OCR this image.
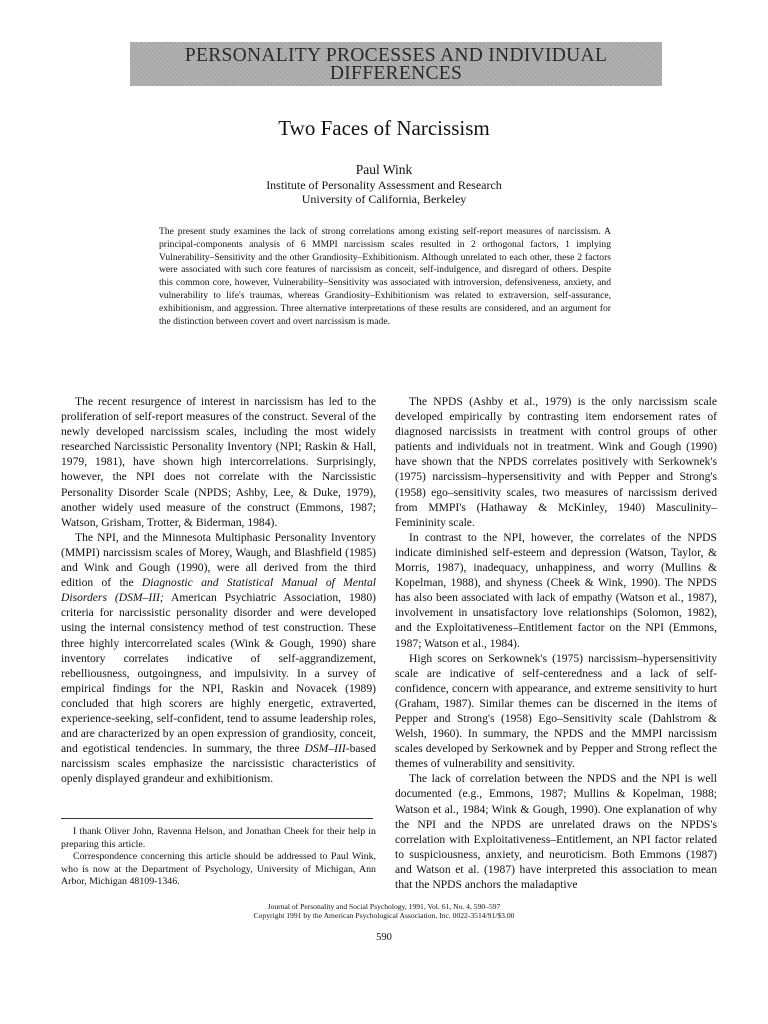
PERSONALITY PROCESSES AND INDIVIDUAL
DIFFERENCES
Two Faces of Narcissism
Paul Wink
Institute of Personality Assessment and Research
University of California, Berkeley
The present study examines the lack of strong correlations among existing self-report measures of narcissism. A principal-components analysis of 6 MMPI narcissism scales resulted in 2 orthogonal factors, 1 implying Vulnerability–Sensitivity and the other Grandiosity–Exhibitionism. Although unrelated to each other, these 2 factors were associated with such core features of narcissism as conceit, self-indulgence, and disregard of others. Despite this common core, however, Vulnerability–Sensitivity was associated with introversion, defensiveness, anxiety, and vulnerability to life's traumas, whereas Grandiosity–Exhibitionism was related to extraversion, self-assurance, exhibitionism, and aggression. Three alternative interpretations of these results are considered, and an argument for the distinction between covert and overt narcissism is made.

The recent resurgence of interest in narcissism has led to the proliferation of self-report measures of the construct. Several of the newly developed narcissism scales, including the most widely researched Narcissistic Personality Inventory (NPI; Raskin & Hall, 1979, 1981), have shown high intercorrelations. Surprisingly, however, the NPI does not correlate with the Narcissistic Personality Disorder Scale (NPDS; Ashby, Lee, & Duke, 1979), another widely used measure of the construct (Emmons, 1987; Watson, Grisham, Trotter, & Biderman, 1984).

The NPI, and the Minnesota Multiphasic Personality Inventory (MMPI) narcissism scales of Morey, Waugh, and Blashfield (1985) and Wink and Gough (1990), were all derived from the third edition of the Diagnostic and Statistical Manual of Mental Disorders (DSM–III; American Psychiatric Association, 1980) criteria for narcissistic personality disorder and were developed using the internal consistency method of test construction. These three highly intercorrelated scales (Wink & Gough, 1990) share inventory correlates indicative of self-aggrandizement, rebelliousness, outgoingness, and impulsivity. In a survey of empirical findings for the NPI, Raskin and Novacek (1989) concluded that high scorers are highly energetic, extraverted, experience-seeking, self-confident, tend to assume leadership roles, and are characterized by an open expression of grandiosity, conceit, and egotistical tendencies. In summary, the three DSM–III-based narcissism scales emphasize the narcissistic characteristics of openly displayed grandeur and exhibitionism.

I thank Oliver John, Ravenna Helson, and Jonathan Cheek for their help in preparing this article.

Correspondence concerning this article should be addressed to Paul Wink, who is now at the Department of Psychology, University of Michigan, Ann Arbor, Michigan 48109-1346.

The NPDS (Ashby et al., 1979) is the only narcissism scale developed empirically by contrasting item endorsement rates of diagnosed narcissists in treatment with control groups of other patients and individuals not in treatment. Wink and Gough (1990) have shown that the NPDS correlates positively with Serkownek's (1975) narcissism–hypersensitivity and with Pepper and Strong's (1958) ego–sensitivity scales, two measures of narcissism derived from MMPI's (Hathaway & McKinley, 1940) Masculinity–Femininity scale.

In contrast to the NPI, however, the correlates of the NPDS indicate diminished self-esteem and depression (Watson, Taylor, & Morris, 1987), inadequacy, unhappiness, and worry (Mullins & Kopelman, 1988), and shyness (Cheek & Wink, 1990). The NPDS has also been associated with lack of empathy (Watson et al., 1987), involvement in unsatisfactory love relationships (Solomon, 1982), and the Exploitativeness–Entitlement factor on the NPI (Emmons, 1987; Watson et al., 1984).

High scores on Serkownek's (1975) narcissism–hypersensitivity scale are indicative of self-centeredness and a lack of self-confidence, concern with appearance, and extreme sensitivity to hurt (Graham, 1987). Similar themes can be discerned in the items of Pepper and Strong's (1958) Ego–Sensitivity scale (Dahlstrom & Welsh, 1960). In summary, the NPDS and the MMPI narcissism scales developed by Serkownek and by Pepper and Strong reflect the themes of vulnerability and sensitivity.

The lack of correlation between the NPDS and the NPI is well documented (e.g., Emmons, 1987; Mullins & Kopelman, 1988; Watson et al., 1984; Wink & Gough, 1990). One explanation of why the NPI and the NPDS are unrelated draws on the NPDS's correlation with Exploitativeness–Entitlement, an NPI factor related to suspiciousness, anxiety, and neuroticism. Both Emmons (1987) and Watson et al. (1987) have interpreted this association to mean that the NPDS anchors the maladaptive

Journal of Personality and Social Psychology, 1991, Vol. 61, No. 4, 590–597
Copyright 1991 by the American Psychological Association, Inc. 0022-3514/91/$3.00
590
